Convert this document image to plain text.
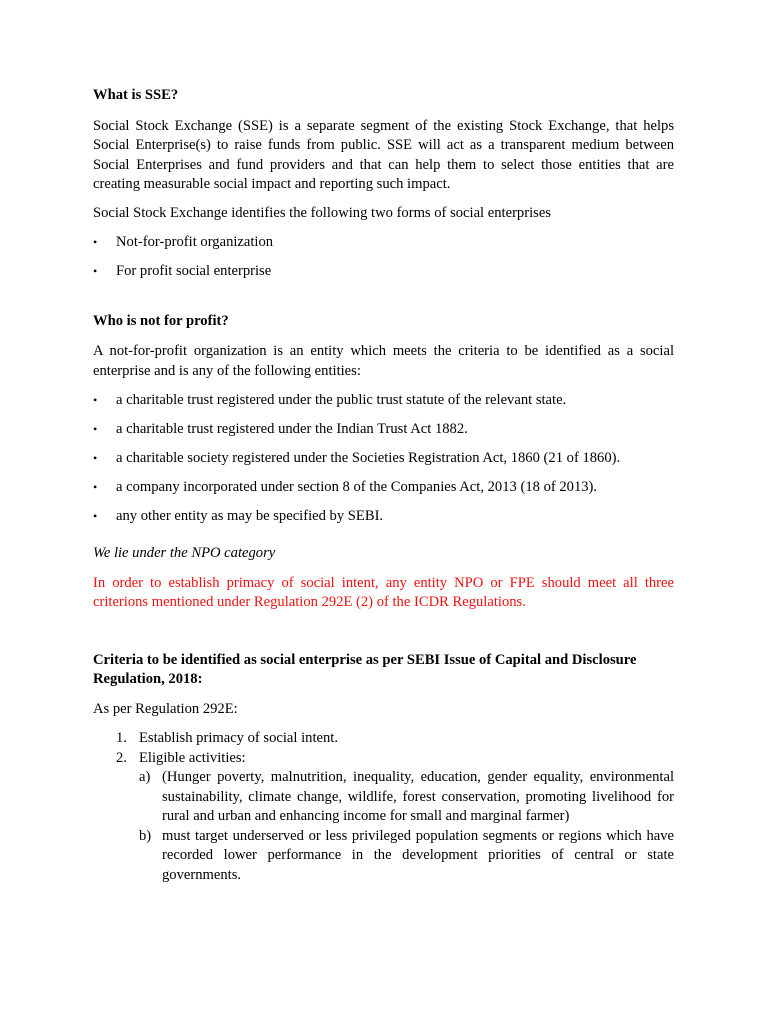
What is SSE?

Social Stock Exchange (SSE) is a separate segment of the existing Stock Exchange, that helps Social Enterprise(s) to raise funds from public. SSE will act as a transparent medium between Social Enterprises and fund providers and that can help them to select those entities that are creating measurable social impact and reporting such impact.

Social Stock Exchange identifies the following two forms of social enterprises

•	Not-for-profit organization
•	For profit social enterprise

Who is not for profit?

A not-for-profit organization is an entity which meets the criteria to be identified as a social enterprise and is any of the following entities:

•	a charitable trust registered under the public trust statute of the relevant state.
•	a charitable trust registered under the Indian Trust Act 1882.
•	a charitable society registered under the Societies Registration Act, 1860 (21 of 1860).
•	a company incorporated under section 8 of the Companies Act, 2013 (18 of 2013).
•	any other entity as may be specified by SEBI.

We lie under the NPO category

In order to establish primacy of social intent, any entity NPO or FPE should meet all three criterions mentioned under Regulation 292E (2) of the ICDR Regulations.

Criteria to be identified as social enterprise as per SEBI Issue of Capital and Disclosure Regulation, 2018:

As per Regulation 292E:

1. Establish primacy of social intent.
2. Eligible activities:
a) (Hunger poverty, malnutrition, inequality, education, gender equality, environmental sustainability, climate change, wildlife, forest conservation, promoting livelihood for rural and urban and enhancing income for small and marginal farmer)
b) must target underserved or less privileged population segments or regions which have recorded lower performance in the development priorities of central or state governments.
